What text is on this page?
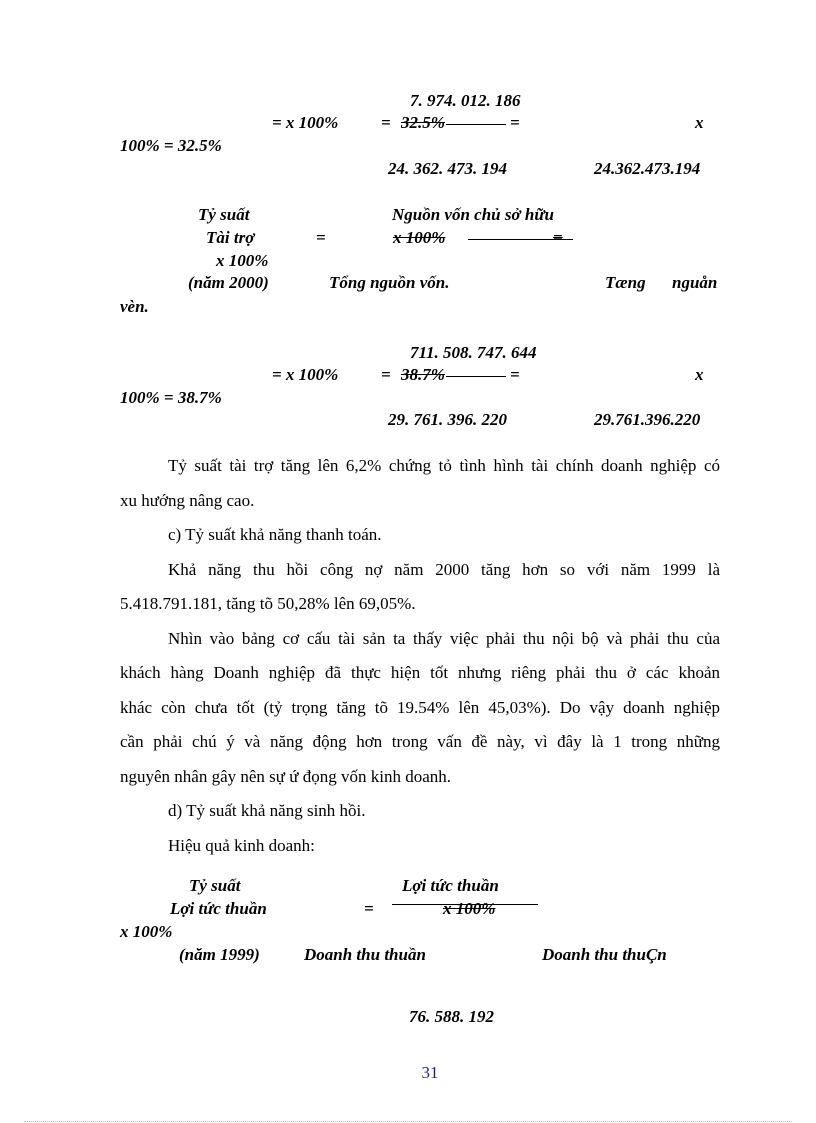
7. 974. 012. 186
= x 100%	= 32.5%	=	x
100% = 32.5%
24. 362. 473. 194	24.362.473.194
Tỷ suất	Nguồn vốn chủ sở hữu
Tài trợ	=	x 100%	=
x 100%
(năm 2000)	Tổng nguồn vốn.	Tæng nguån
vèn.
711. 508. 747. 644
= x 100%	= 38.7%	=	x
100% = 38.7%
29. 761. 396. 220	29.761.396.220
Tỷ suất tài trợ tăng lên 6,2% chứng tỏ tình hình tài chính doanh nghiệp có
xu hướng nâng cao.
c) Tỷ suất khả năng thanh toán.
Khả năng thu hồi công nợ năm 2000 tăng hơn so với năm 1999 là
5.418.791.181, tăng tõ 50,28% lên 69,05%.
Nhìn vào bảng cơ cấu tài sản ta thấy việc phải thu nội bộ và phải thu của
khách hàng Doanh nghiệp đã thực hiện tốt nhưng riêng phải thu ở các khoản
khác còn chưa tốt (tỷ trọng tăng tõ 19.54% lên 45,03%). Do vậy doanh nghiệp
cần phải chú ý và năng động hơn trong vấn đề này, vì đây là 1 trong những
nguyên nhân gây nên sự ứ đọng vốn kinh doanh.
d) Tỷ suất khả năng sinh hồi.
Hiệu quả kinh doanh:
Tỷ suất	Lợi tức thuần
Lợi tức thuần	=	x 100%
x 100%
(năm 1999)	Doanh thu thuần	Doanh thu thuÇn
76. 588. 192
31
